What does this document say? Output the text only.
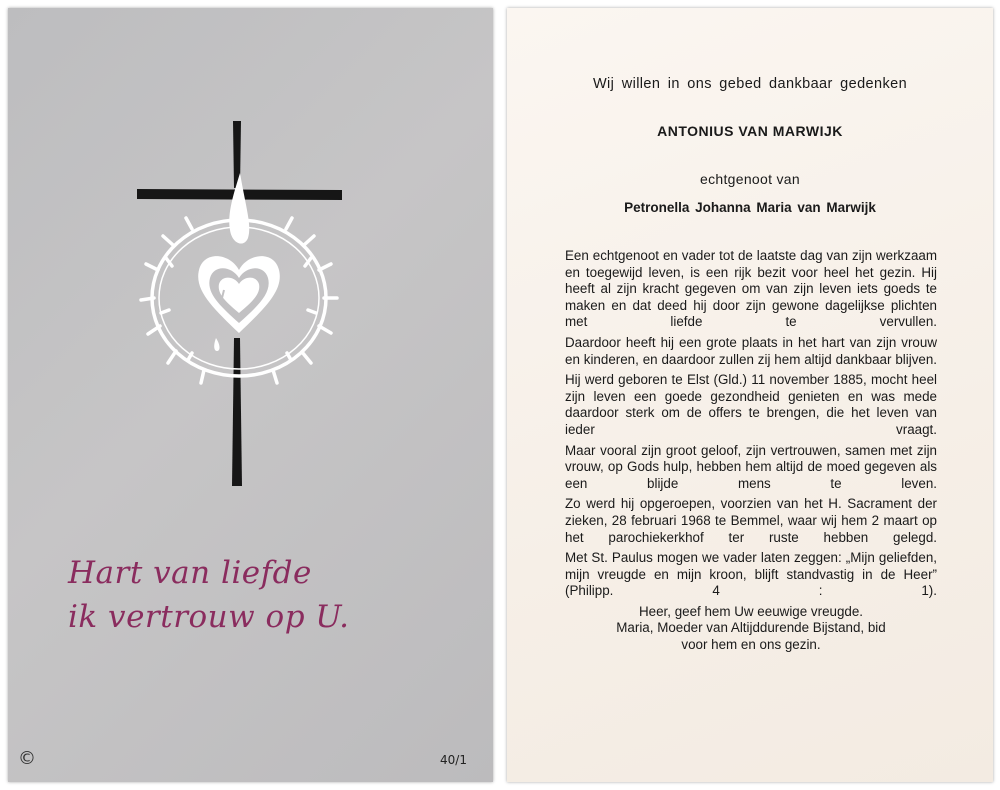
Hart van liefde
ik vertrouw op U.
©	40/1
Wij willen in ons gebed dankbaar gedenken
ANTONIUS VAN MARWIJK
echtgenoot van
Petronella Johanna Maria van Marwijk

Een echtgenoot en vader tot de laatste dag van zijn werkzaam en toegewijd leven, is een rijk bezit voor heel het gezin. Hij heeft al zijn kracht gegeven om van zijn leven iets goeds te maken en dat deed hij door zijn gewone dagelijkse plichten met liefde te vervullen.

Daardoor heeft hij een grote plaats in het hart van zijn vrouw en kinderen, en daardoor zullen zij hem altijd dankbaar blijven.

Hij werd geboren te Elst (Gld.) 11 november 1885, mocht heel zijn leven een goede gezondheid genieten en was mede daardoor sterk om de offers te brengen, die het leven van ieder vraagt.

Maar vooral zijn groot geloof, zijn vertrouwen, samen met zijn vrouw, op Gods hulp, hebben hem altijd de moed gegeven als een blijde mens te leven.

Zo werd hij opgeroepen, voorzien van het H. Sacrament der zieken, 28 februari 1968 te Bemmel, waar wij hem 2 maart op het parochiekerkhof ter ruste hebben gelegd.

Met St. Paulus mogen we vader laten zeggen: „Mijn geliefden, mijn vreugde en mijn kroon, blijft standvastig in de Heer” (Philipp. 4 : 1).

Heer, geef hem Uw eeuwige vreugde.

Maria, Moeder van Altijddurende Bijstand, bid

voor hem en ons gezin.
